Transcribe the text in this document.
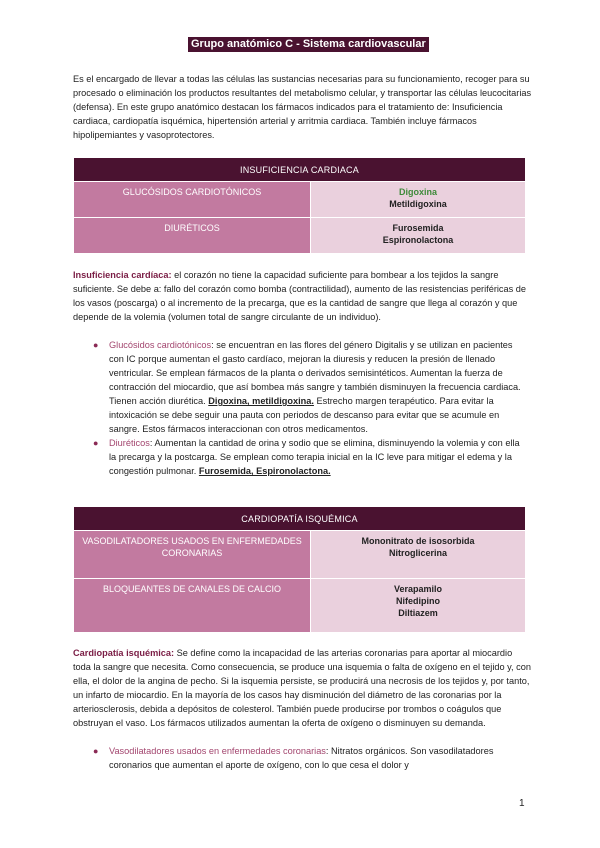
Grupo anatómico C - Sistema cardiovascular
Es el encargado de llevar a todas las células las sustancias necesarias para su funcionamiento, recoger para su procesado o eliminación los productos resultantes del metabolismo celular, y transportar las células leucocitarias (defensa). En este grupo anatómico destacan los fármacos indicados para el tratamiento de: Insuficiencia cardiaca, cardiopatía isquémica, hipertensión arterial y arritmia cardiaca. También incluye fármacos hipolipemiantes y vasoprotectores.
INSUFICIENCIA CARDIACA	
GLUCÓSIDOS CARDIOTÓNICOS	Digoxina
Metildigoxina

DIURÉTICOS	Furosemida
Espironolactona
Insuficiencia cardíaca: el corazón no tiene la capacidad suficiente para bombear a los tejidos la sangre suficiente. Se debe a: fallo del corazón como bomba (contractilidad), aumento de las resistencias periféricas de los vasos (poscarga) o al incremento de la precarga, que es la cantidad de sangre que llega al corazón y que depende de la volemia (volumen total de sangre circulante de un individuo).
● Glucósidos cardiotónicos: se encuentran en las flores del género Digitalis y se utilizan en pacientes con IC porque aumentan el gasto cardíaco, mejoran la diuresis y reducen la presión de llenado ventricular. Se emplean fármacos de la planta o derivados semisintéticos. Aumentan la fuerza de contracción del miocardio, que así bombea más sangre y también disminuyen la frecuencia cardiaca. Tienen acción diurética. Digoxina, metildigoxina. Estrecho margen terapéutico. Para evitar la intoxicación se debe seguir una pauta con periodos de descanso para evitar que se acumule en sangre. Estos fármacos interaccionan con otros medicamentos.
● Diuréticos: Aumentan la cantidad de orina y sodio que se elimina, disminuyendo la volemia y con ella la precarga y la postcarga. Se emplean como terapia inicial en la IC leve para mitigar el edema y la congestión pulmonar. Furosemida, Espironolactona.
CARDIOPATÍA ISQUÉMICA	
VASODILATADORES USADOS EN ENFERMEDADES CORONARIAS	Mononitrato de isosorbida
Nitroglicerina

BLOQUEANTES DE CANALES DE CALCIO	Verapamilo
Nifedipino
Diltiazem
Cardiopatía isquémica: Se define como la incapacidad de las arterias coronarias para aportar al miocardio toda la sangre que necesita. Como consecuencia, se produce una isquemia o falta de oxígeno en el tejido y, con ella, el dolor de la angina de pecho. Si la isquemia persiste, se producirá una necrosis de los tejidos y, por tanto, un infarto de miocardio. En la mayoría de los casos hay disminución del diámetro de las coronarias por la arteriosclerosis, debida a depósitos de colesterol. También puede producirse por trombos o coágulos que obstruyan el vaso. Los fármacos utilizados aumentan la oferta de oxígeno o disminuyen su demanda.
● Vasodilatadores usados en enfermedades coronarias: Nitratos orgánicos. Son vasodilatadores coronarios que aumentan el aporte de oxígeno, con lo que cesa el dolor y
1
